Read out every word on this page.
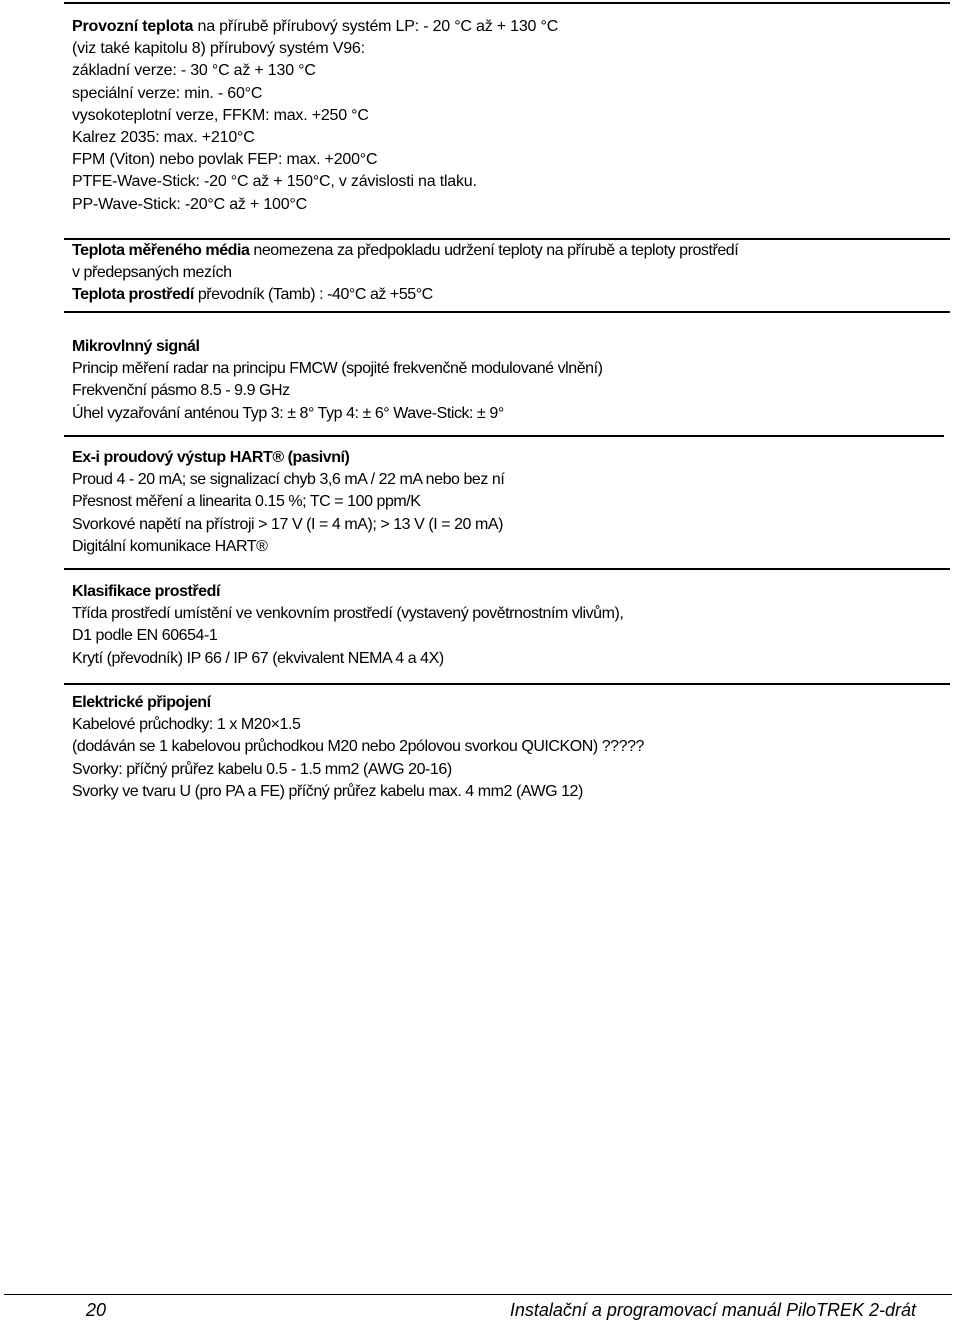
Provozní teplota na přírubě přírubový systém LP: - 20 °C až + 130 °C
(viz také kapitolu 8) přírubový systém V96:
základní verze: - 30 °C až + 130 °C
speciální verze: min. - 60°C
vysokoteplotní verze, FFKM: max. +250 °C
Kalrez 2035: max. +210°C
FPM (Viton) nebo povlak FEP: max. +200°C
PTFE-Wave-Stick: -20 °C až + 150°C, v závislosti na tlaku.
PP-Wave-Stick: -20°C až + 100°C
Teplota měřeného média neomezena za předpokladu udržení teploty na přírubě a teploty prostředí
v předepsaných mezích
Teplota prostředí převodník (Tamb) : -40°C až +55°C
Mikrovlnný signál
Princip měření radar na principu FMCW (spojité frekvenčně modulované vlnění)
Frekvenční pásmo 8.5 - 9.9 GHz
Úhel vyzařování anténou Typ 3: ± 8° Typ 4: ± 6° Wave-Stick: ± 9°
Ex-i proudový výstup HART® (pasivní)
Proud 4 - 20 mA; se signalizací chyb 3,6 mA / 22 mA nebo bez ní
Přesnost měření a linearita 0.15 %; TC = 100 ppm/K
Svorkové napětí na přístroji > 17 V (I = 4 mA); > 13 V (I = 20 mA)
Digitální komunikace HART®
Klasifikace prostředí
Třída prostředí umístění ve venkovním prostředí (vystavený povětrnostním vlivům),
D1 podle EN 60654-1
Krytí (převodník) IP 66 / IP 67 (ekvivalent NEMA 4 a 4X)
Elektrické připojení
Kabelové průchodky: 1 x M20×1.5
(dodáván se 1 kabelovou průchodkou M20 nebo 2pólovou svorkou QUICKON) ?????
Svorky: příčný průřez kabelu 0.5 - 1.5 mm2 (AWG 20-16)
Svorky ve tvaru U (pro PA a FE) příčný průřez kabelu max. 4 mm2 (AWG 12)
20	Instalační a programovací manuál PiloTREK 2-drát
